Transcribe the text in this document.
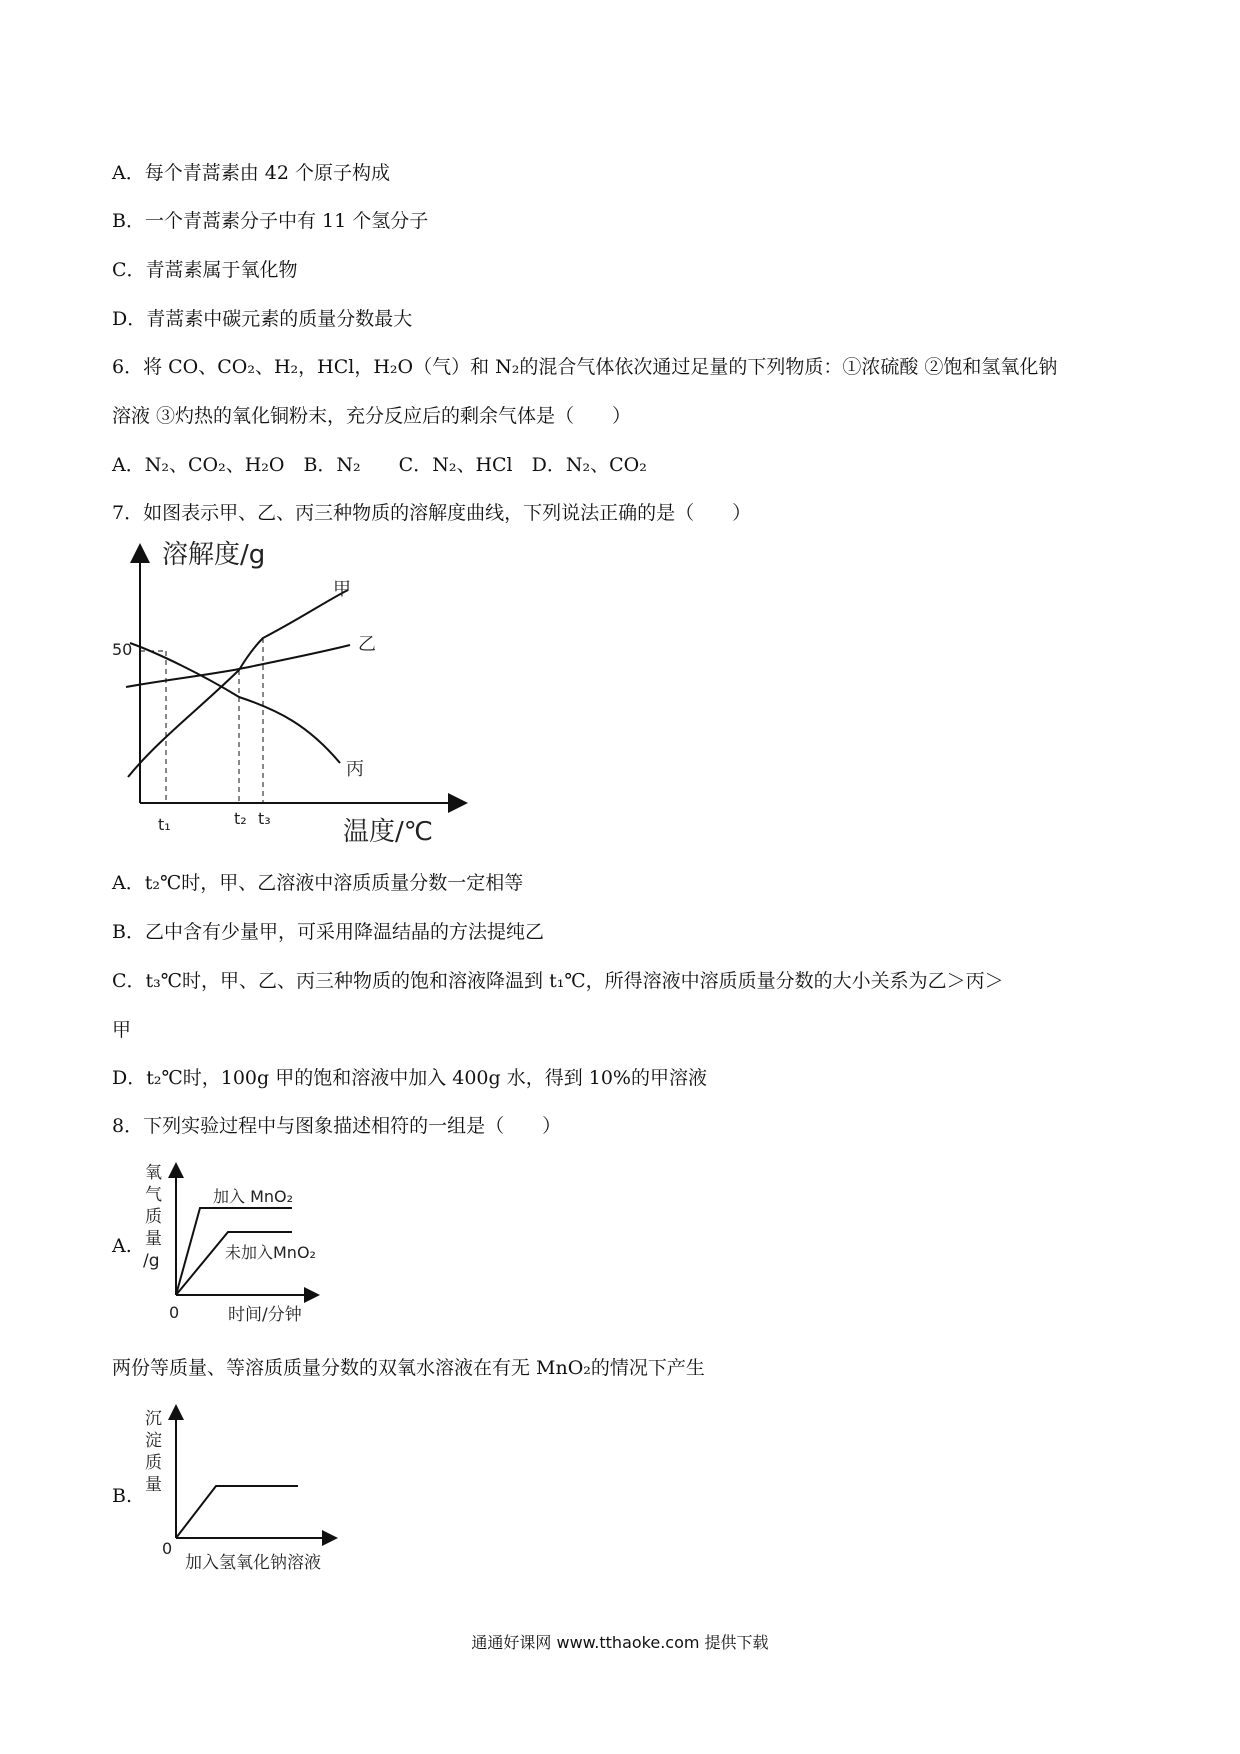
A．每个青蒿素由 42 个原子构成
B．一个青蒿素分子中有 11 个氢分子
C．青蒿素属于氧化物
D．青蒿素中碳元素的质量分数最大
6．将 CO、CO₂、H₂，HCl，H₂O（气）和 N₂的混合气体依次通过足量的下列物质：①浓硫酸 ②饱和氢氧化钠
溶液 ③灼热的氧化铜粉末，充分反应后的剩余气体是（　　）
A．N₂、CO₂、H₂O　B．N₂　　C．N₂、HCl　D．N₂、CO₂
7．如图表示甲、乙、丙三种物质的溶解度曲线，下列说法正确的是（　　）
溶解度/g
温度/℃
50
甲
乙
丙
t₁	t₂ t₃
A．t₂℃时，甲、乙溶液中溶质质量分数一定相等
B．乙中含有少量甲，可采用降温结晶的方法提纯乙
C．t₃℃时，甲、乙、丙三种物质的饱和溶液降温到 t₁℃，所得溶液中溶质质量分数的大小关系为乙＞丙＞
甲
D．t₂℃时，100g 甲的饱和溶液中加入 400g 水，得到 10%的甲溶液
8．下列实验过程中与图象描述相符的一组是（　　）
A.
氧
气
质
量
/g
加入 MnO₂
未加入MnO₂
0	时间/分钟
两份等质量、等溶质质量分数的双氧水溶液在有无 MnO₂的情况下产生
B.
沉
淀
质
量
0
加入氢氧化钠溶液
通通好课网 www.tthaoke.com 提供下载
